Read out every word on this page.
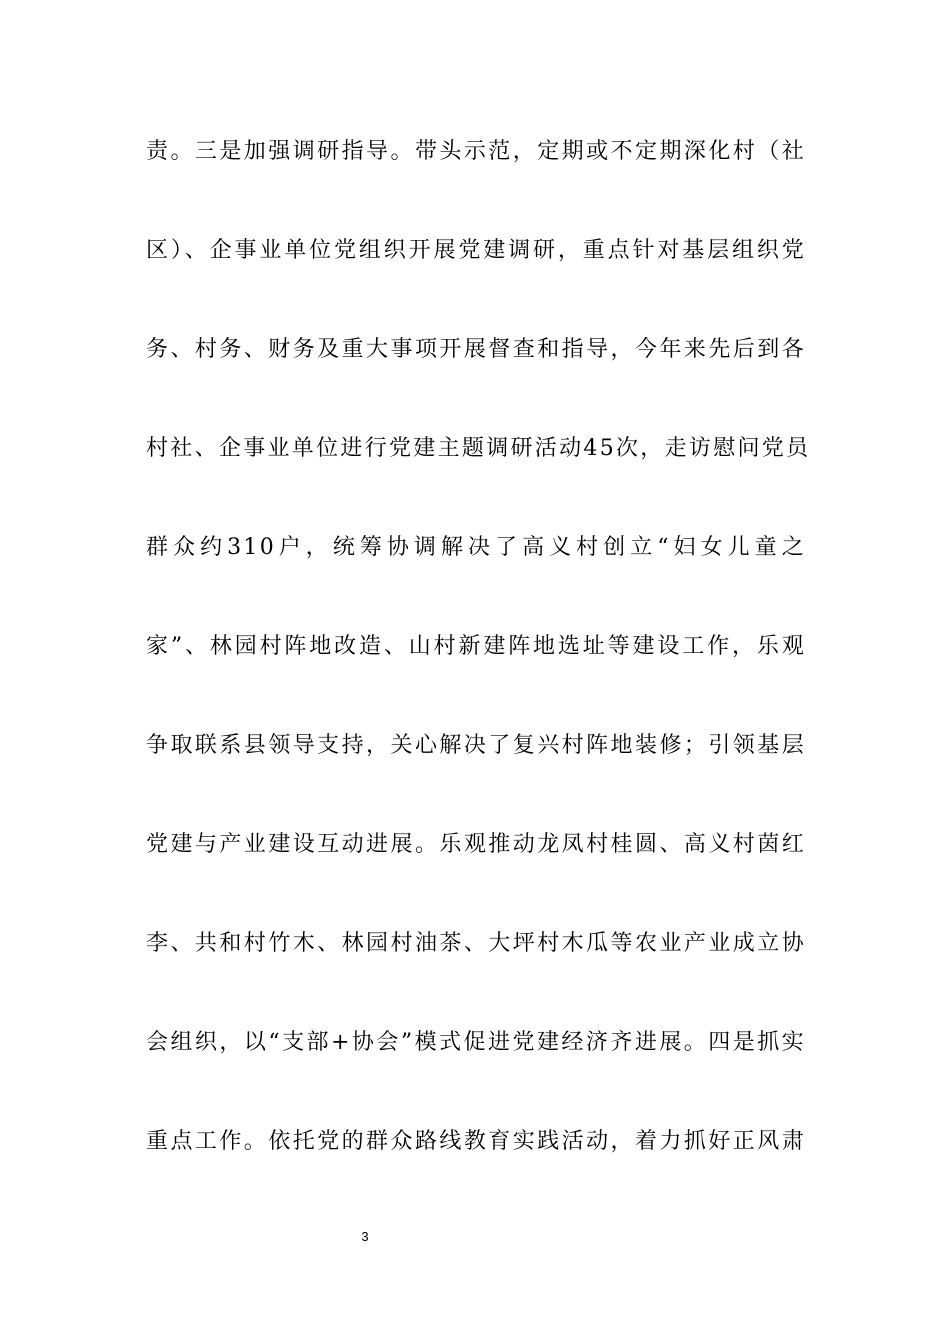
责。三是加强调研指导。带头示范，定期或不定期深化村（社
区）、企事业单位党组织开展党建调研，重点针对基层组织党
务、村务、财务及重大事项开展督查和指导，今年来先后到各
村社、企事业单位进行党建主题调研活动45次，走访慰问党员
群众约310户，统筹协调解决了高义村创立“妇女儿童之
家”、林园村阵地改造、山村新建阵地选址等建设工作，乐观
争取联系县领导支持，关心解决了复兴村阵地装修；引领基层
党建与产业建设互动进展。乐观推动龙凤村桂圆、高义村茵红
李、共和村竹木、林园村油茶、大坪村木瓜等农业产业成立协
会组织，以“支部+协会”模式促进党建经济齐进展。四是抓实
重点工作。依托党的群众路线教育实践活动，着力抓好正风肃
3
